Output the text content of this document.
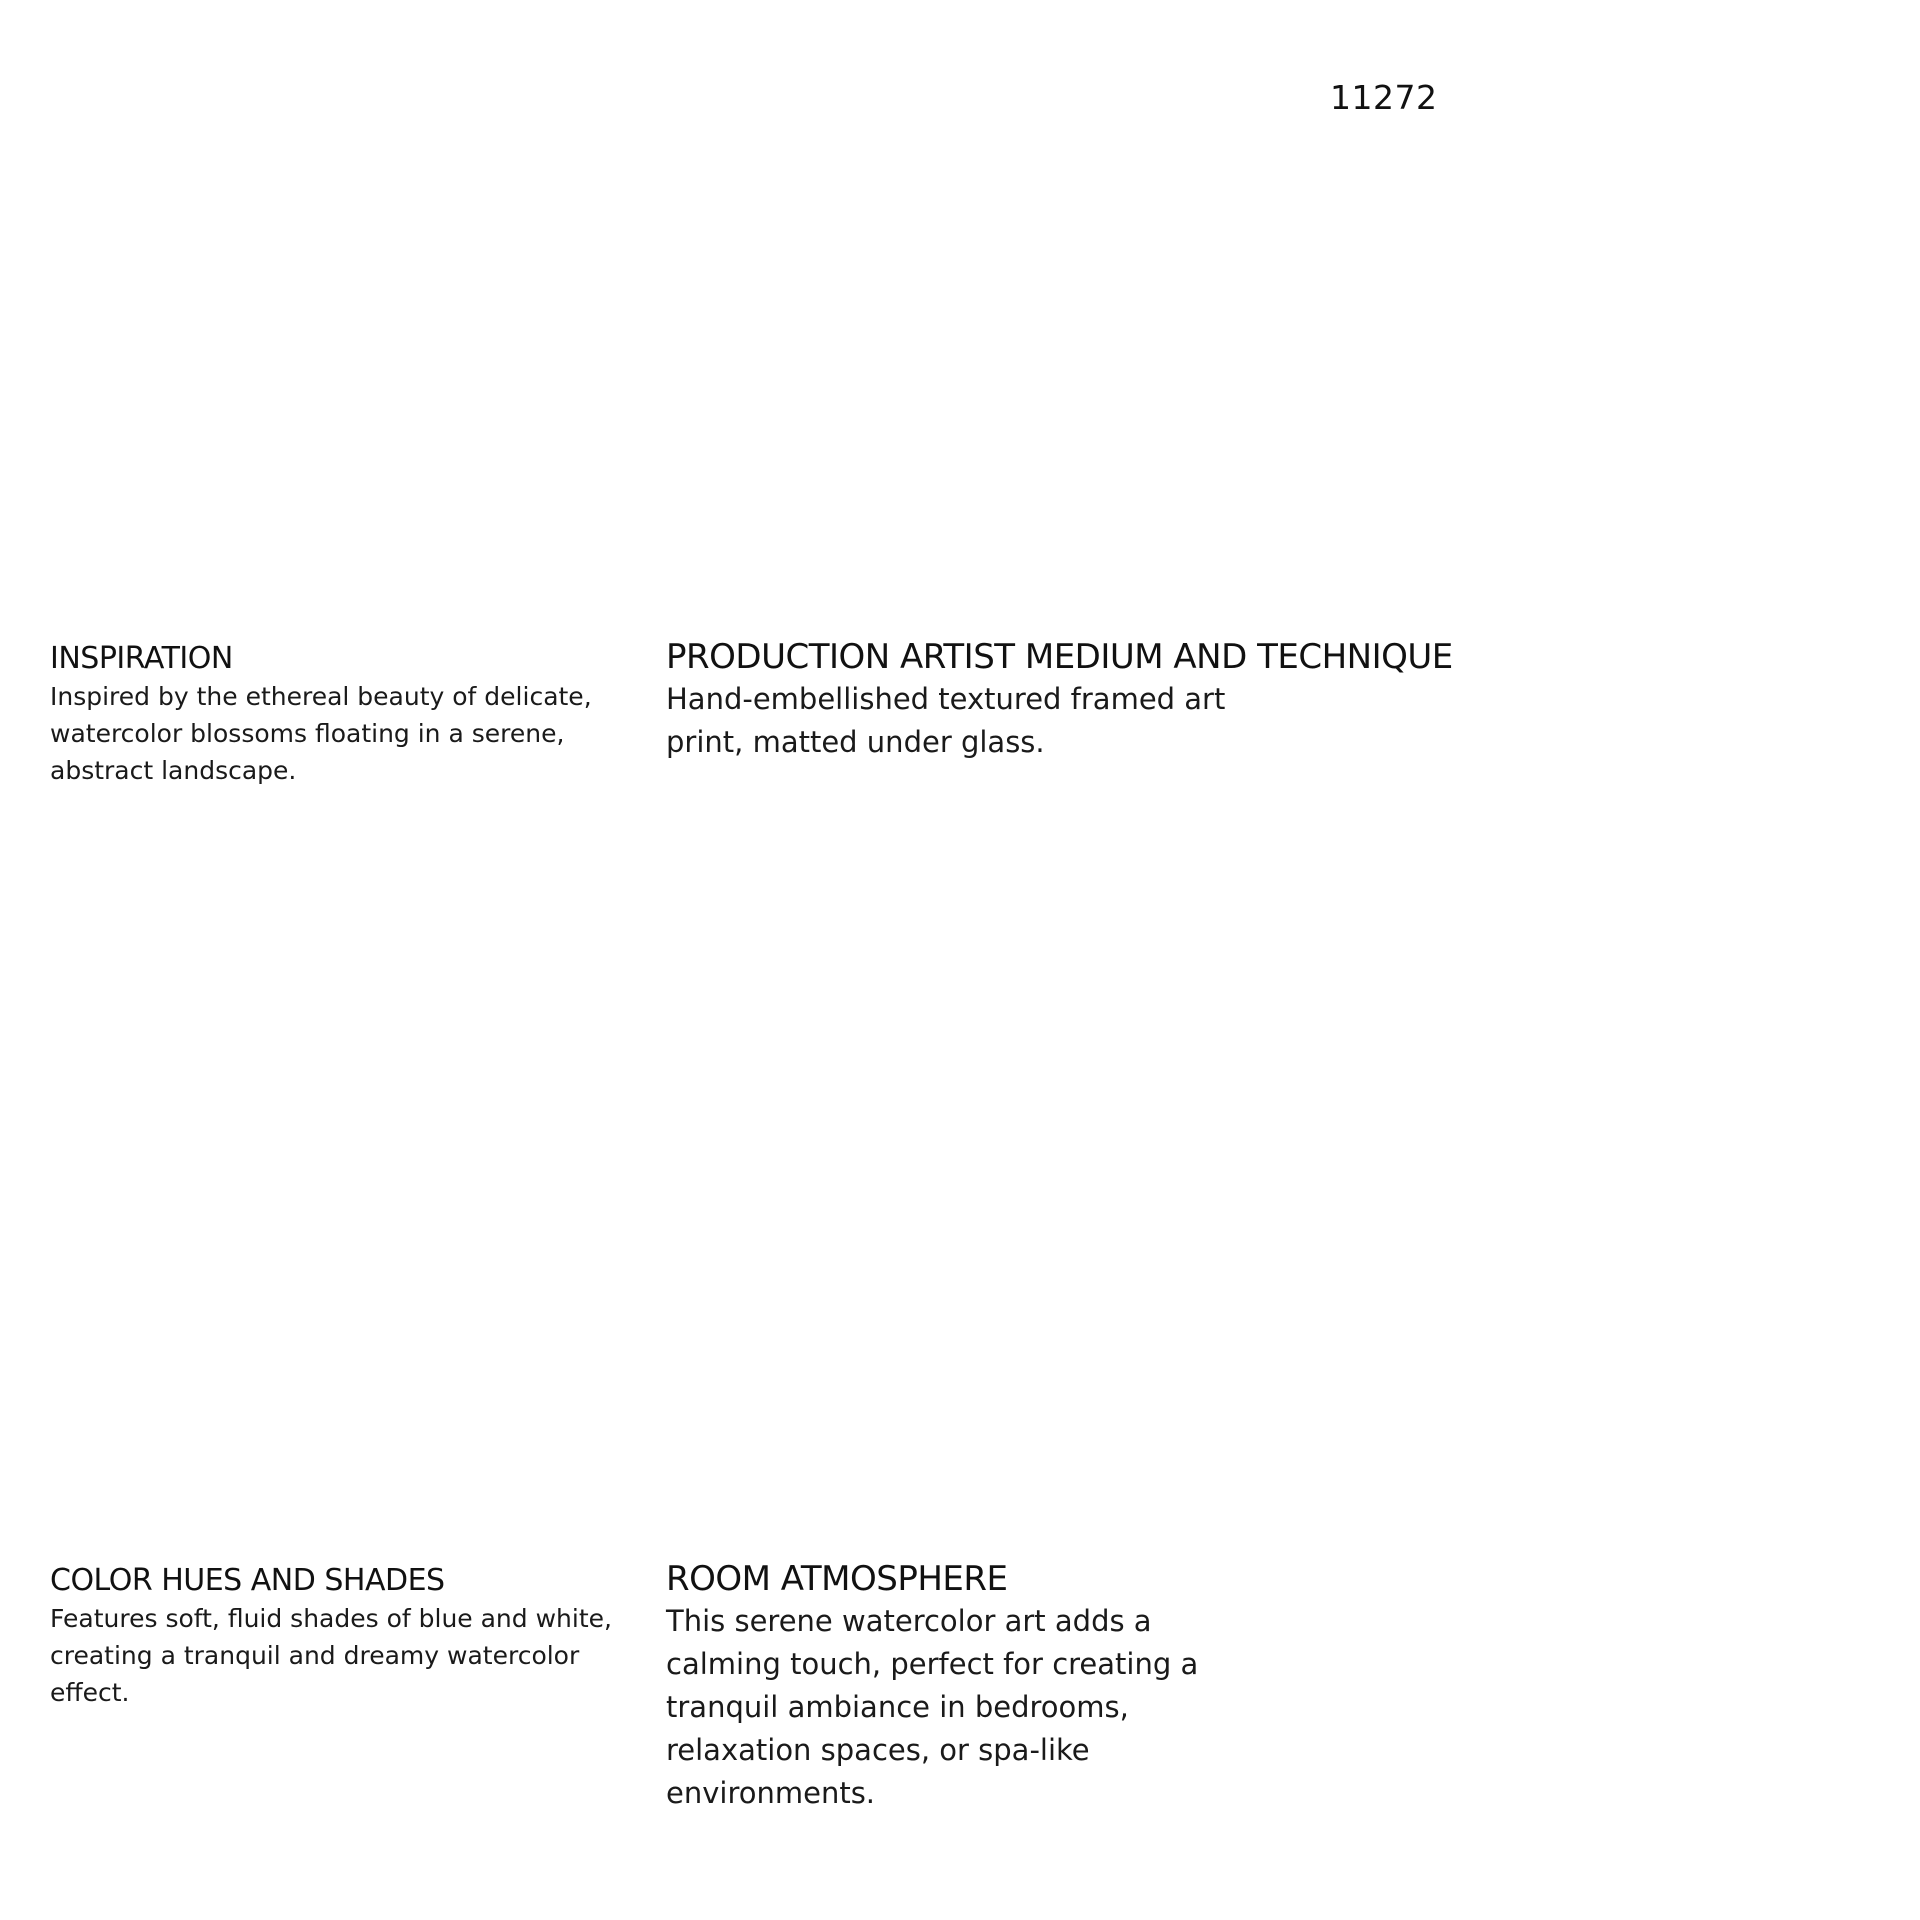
11272
INSPIRATION

Inspired by the ethereal beauty of delicate, watercolor blossoms floating in a serene, abstract landscape.

PRODUCTION ARTIST MEDIUM AND TECHNIQUE

Hand-embellished textured framed art print, matted under glass.

COLOR HUES AND SHADES

Features soft, fluid shades of blue and white, creating a tranquil and dreamy watercolor effect.

ROOM ATMOSPHERE

This serene watercolor art adds a calming touch, perfect for creating a tranquil ambiance in bedrooms, relaxation spaces, or spa-like environments.
